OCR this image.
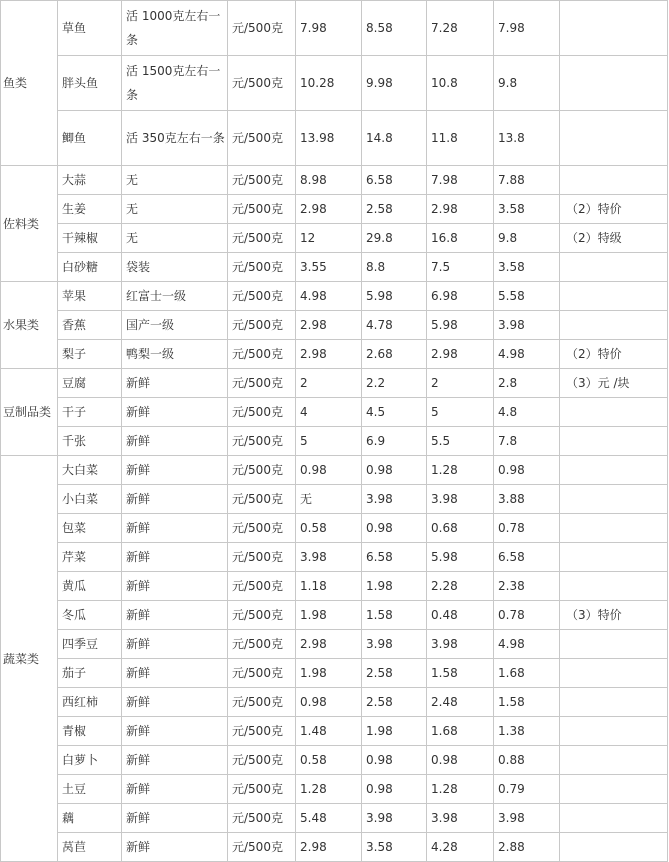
鱼类	草鱼	活 1000克左右一条	元/500克	7.98	8.58	7.28	7.98	
	胖头鱼	活 1500克左右一条	元/500克	10.28	9.98	10.8	9.8	
	鲫鱼	活 350克左右一条	元/500克	13.98	14.8	11.8	13.8	
佐料类	大蒜	无	元/500克	8.98	6.58	7.98	7.88	
	生姜	无	元/500克	2.98	2.58	2.98	3.58	（2）特价
	干辣椒	无	元/500克	12	29.8	16.8	9.8	（2）特级
	白砂糖	袋装	元/500克	3.55	8.8	7.5	3.58	
水果类	苹果	红富士一级	元/500克	4.98	5.98	6.98	5.58	
	香蕉	国产一级	元/500克	2.98	4.78	5.98	3.98	
	梨子	鸭梨一级	元/500克	2.98	2.68	2.98	4.98	（2）特价
豆制品类	豆腐	新鲜	元/500克	2	2.2	2	2.8	（3）元 /块
	干子	新鲜	元/500克	4	4.5	5	4.8	
	千张	新鲜	元/500克	5	6.9	5.5	7.8	
蔬菜类	大白菜	新鲜	元/500克	0.98	0.98	1.28	0.98	
	小白菜	新鲜	元/500克	无	3.98	3.98	3.88	
	包菜	新鲜	元/500克	0.58	0.98	0.68	0.78	
	芹菜	新鲜	元/500克	3.98	6.58	5.98	6.58	
	黄瓜	新鲜	元/500克	1.18	1.98	2.28	2.38	
	冬瓜	新鲜	元/500克	1.98	1.58	0.48	0.78	（3）特价
	四季豆	新鲜	元/500克	2.98	3.98	3.98	4.98	
	茄子	新鲜	元/500克	1.98	2.58	1.58	1.68	
	西红柿	新鲜	元/500克	0.98	2.58	2.48	1.58	
	青椒	新鲜	元/500克	1.48	1.98	1.68	1.38	
	白萝卜	新鲜	元/500克	0.58	0.98	0.98	0.88	
	土豆	新鲜	元/500克	1.28	0.98	1.28	0.79	
	藕	新鲜	元/500克	5.48	3.98	3.98	3.98	
	莴苣	新鲜	元/500克	2.98	3.58	4.28	2.88	
